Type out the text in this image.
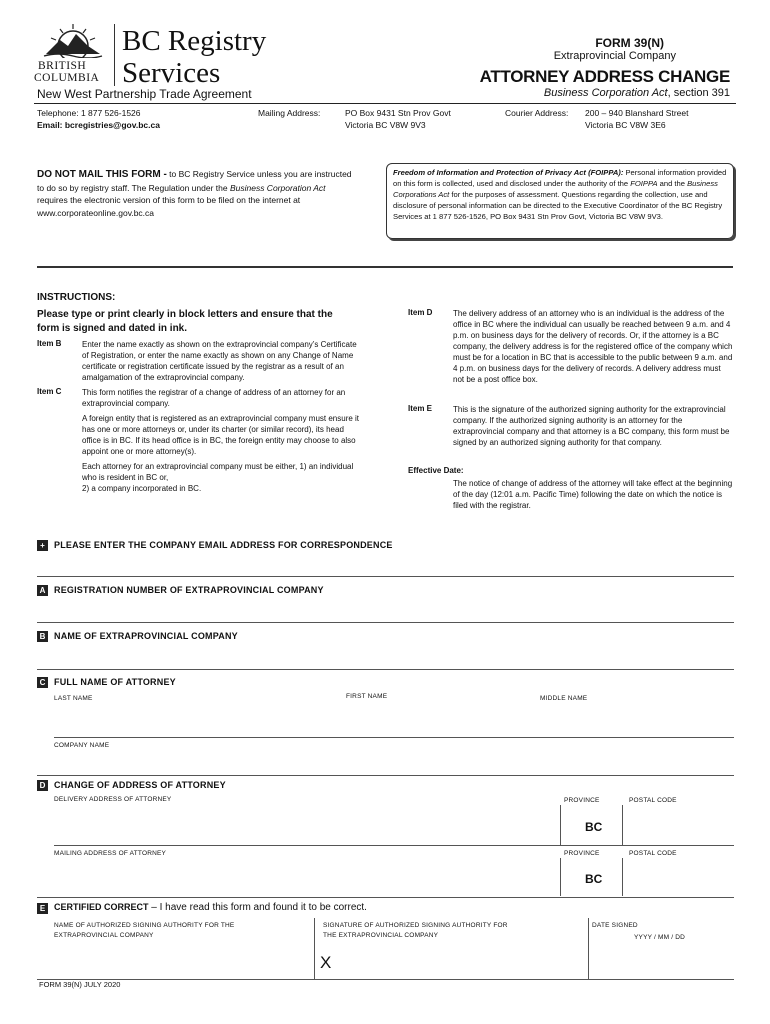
BRITISH
COLUMBIA
BC Registry
Services
FORM 39(N)
Extraprovincial Company
ATTORNEY ADDRESS CHANGE
Business Corporation Act, section 391
New West Partnership Trade Agreement
Telephone: 1 877 526-1526
Email: bcregistries@gov.bc.ca
Mailing Address:	PO Box 9431 Stn Prov Govt
Victoria BC V8W 9V3
Courier Address: 200 – 940 Blanshard Street
Victoria BC V8W 3E6
DO NOT MAIL THIS FORM - to BC Registry Service unless you are instructed to do so by registry staff. The Regulation under the Business Corporation Act requires the electronic version of this form to be filed on the internet at www.corporateonline.gov.bc.ca
Freedom of Information and Protection of Privacy Act (FOIPPA): Personal information provided on this form is collected, used and disclosed under the authority of the FOIPPA and the Business Corporations Act for the purposes of assessment. Questions regarding the collection, use and disclosure of personal information can be directed to the Executive Coordinator of the BC Registry Services at 1 877 526-1526, PO Box 9431 Stn Prov Govt, Victoria BC V8W 9V3.
INSTRUCTIONS:
Please type or print clearly in block letters and ensure that the form is signed and dated in ink.
Item B	Enter the name exactly as shown on the extraprovincial company’s Certificate of Registration, or enter the name exactly as shown on any Change of Name certificate or registration certificate issued by the registrar as a result of an amalgamation of the extraprovincial company.
Item C	This form notifies the registrar of a change of address of an attorney for an extraprovincial company.

A foreign entity that is registered as an extraprovincial company must ensure it has one or more attorneys or, under its charter (or similar record), its head office is in BC. If its head office is in BC, the foreign entity may choose to also appoint one or more attorney(s).

Each attorney for an extraprovincial company must be either, 1) an individual who is resident in BC or,

2) a company incorporated in BC.

Item D	The delivery address of an attorney who is an individual is the address of the office in BC where the individual can usually be reached between 9 a.m. and 4 p.m. on business days for the delivery of records. Or, if the attorney is a BC company, the delivery address is for the registered office of the company which must be for a location in BC that is accessible to the public between 9 a.m. and 4 p.m. on business days for the delivery of records. A delivery address must not be a post office box.
Item E	This is the signature of the authorized signing authority for the extraprovincial company. If the authorized signing authority is an attorney for the extraprovincial company and that attorney is a BC company, this form must be signed by an authorized signing authority for that company.
Effective Date:
The notice of change of address of the attorney will take effect at the beginning of the day (12:01 a.m. Pacific Time) following the date on which the notice is filed with the registrar.
+	PLEASE ENTER THE COMPANY EMAIL ADDRESS FOR CORRESPONDENCE
A REGISTRATION NUMBER OF EXTRAPROVINCIAL COMPANY
B NAME OF EXTRAPROVINCIAL COMPANY
C FULL NAME OF ATTORNEY
LAST NAME	FIRST NAME	MIDDLE NAME
COMPANY NAME
D CHANGE OF ADDRESS OF ATTORNEY
DELIVERY ADDRESS OF ATTORNEY	PROVINCE	POSTAL CODE
BC
MAILING ADDRESS OF ATTORNEY	PROVINCE	POSTAL CODE
BC
E CERTIFIED CORRECT – I have read this form and found it to be correct.
NAME OF AUTHORIZED SIGNING AUTHORITY FOR THE EXTRAPROVINCIAL COMPANY
SIGNATURE OF AUTHORIZED SIGNING AUTHORITY FOR THE EXTRAPROVINCIAL COMPANY
DATE SIGNED
YYYY / MM / DD
X
FORM 39(N) JULY 2020
